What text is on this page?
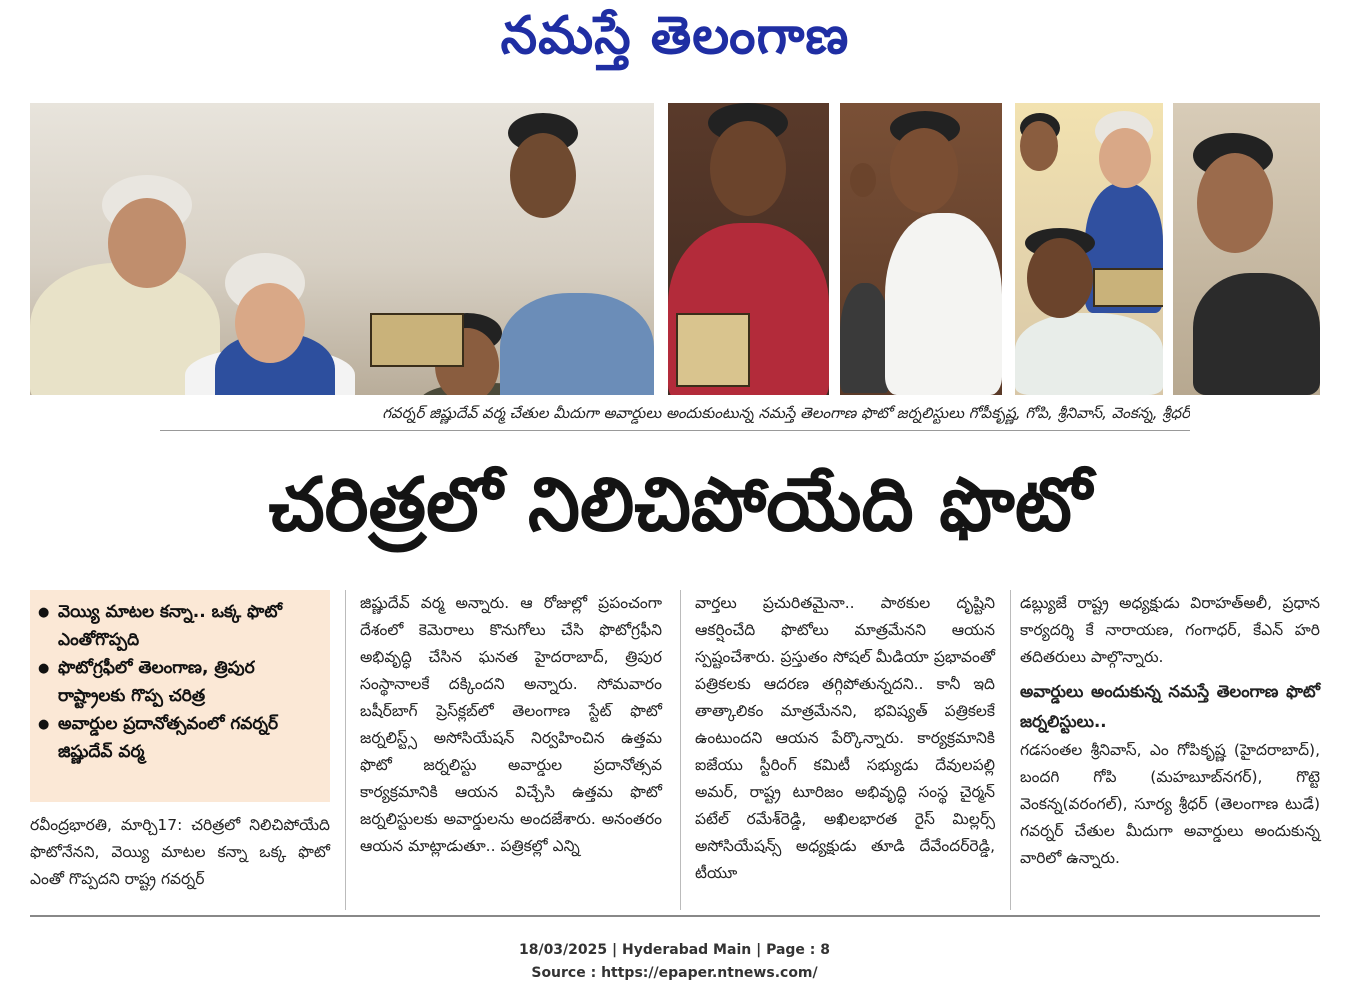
నమస్తే తెలంగాణ
గవర్నర్ జిష్ణుదేవ్ వర్మ చేతుల మీదుగా అవార్డులు అందుకుంటున్న నమస్తే తెలంగాణ ఫొటో జర్నలిస్టులు గోపీకృష్ణ, గోపి, శ్రీనివాస్, వెంకన్న, శ్రీధర్
చరిత్రలో నిలిచిపోయేది ఫొటో
● వెయ్యి మాటల కన్నా.. ఒక్క ఫొటో ఎంతోగొప్పది
● ఫొటోగ్రఫీలో తెలంగాణ, త్రిపుర రాష్ట్రాలకు గొప్ప చరిత్ర
● అవార్డుల ప్రదానోత్సవంలో గవర్నర్ జిష్ణుదేవ్ వర్మ

రవీంద్రభారతి, మార్చి17: చరిత్రలో నిలిచిపోయేది ఫొటోనేనని, వెయ్యి మాటల కన్నా ఒక్క ఫొటో ఎంతో గొప్పదని రాష్ట్ర గవర్నర్

జిష్ణుదేవ్ వర్మ అన్నారు. ఆ రోజుల్లో ప్రపంచంగా దేశంలో కెమెరాలు కొనుగోలు చేసి ఫొటోగ్రఫీని అభివృద్ధి చేసిన ఘనత హైదరాబాద్, త్రిపుర సంస్థానాలకే దక్కిందని అన్నారు. సోమవారం బషీర్‌బాగ్ ప్రెస్‌క్లబ్‌లో తెలంగాణ స్టేట్ ఫొటో జర్నలిస్ట్స్ అసోసియేషన్ నిర్వహించిన ఉత్తమ ఫొటో జర్నలిస్టు అవార్డుల ప్రదానోత్సవ కార్యక్రమానికి ఆయన విచ్చేసి ఉత్తమ ఫొటో జర్నలిస్టులకు అవార్డులను అందజేశారు. అనంతరం ఆయన మాట్లాడుతూ.. పత్రికల్లో ఎన్ని

వార్తలు ప్రచురితమైనా.. పాఠకుల దృష్టిని ఆకర్షించేది ఫొటోలు మాత్రమేనని ఆయన స్పష్టంచేశారు. ప్రస్తుతం సోషల్ మీడియా ప్రభావంతో పత్రికలకు ఆదరణ తగ్గిపోతున్నదని.. కానీ ఇది తాత్కాలికం మాత్రమేనని, భవిష్యత్ పత్రికలకే ఉంటుందని ఆయన పేర్కొన్నారు. కార్యక్రమానికి ఐజేయు స్టీరింగ్ కమిటీ సభ్యుడు దేవులపల్లి అమర్, రాష్ట్ర టూరిజం అభివృద్ధి సంస్థ చైర్మన్ పటేల్ రమేశ్‌రెడ్డి, అఖిలభారత రైస్ మిల్లర్స్ అసోసియేషన్స్ అధ్యక్షుడు తూడి దేవేందర్‌రెడ్డి, టీయూ

డబ్ల్యుజే రాష్ట్ర అధ్యక్షుడు విరాహత్‌అలీ, ప్రధాన కార్యదర్శి కే నారాయణ, గంగాధర్, కేఎన్ హరి తదితరులు పాల్గొన్నారు.

అవార్డులు అందుకున్న నమస్తే తెలంగాణ ఫొటో జర్నలిస్టులు..

గడసంతల శ్రీనివాస్, ఎం గోపికృష్ణ (హైదరాబాద్), బందగి గోపి (మహబూబ్‌నగర్), గొట్టె వెంకన్న(వరంగల్), సూర్య శ్రీధర్ (తెలంగాణ టుడే) గవర్నర్ చేతుల మీదుగా అవార్డులు అందుకున్న వారిలో ఉన్నారు.

18/03/2025 | Hyderabad Main | Page : 8
Source : https://epaper.ntnews.com/
